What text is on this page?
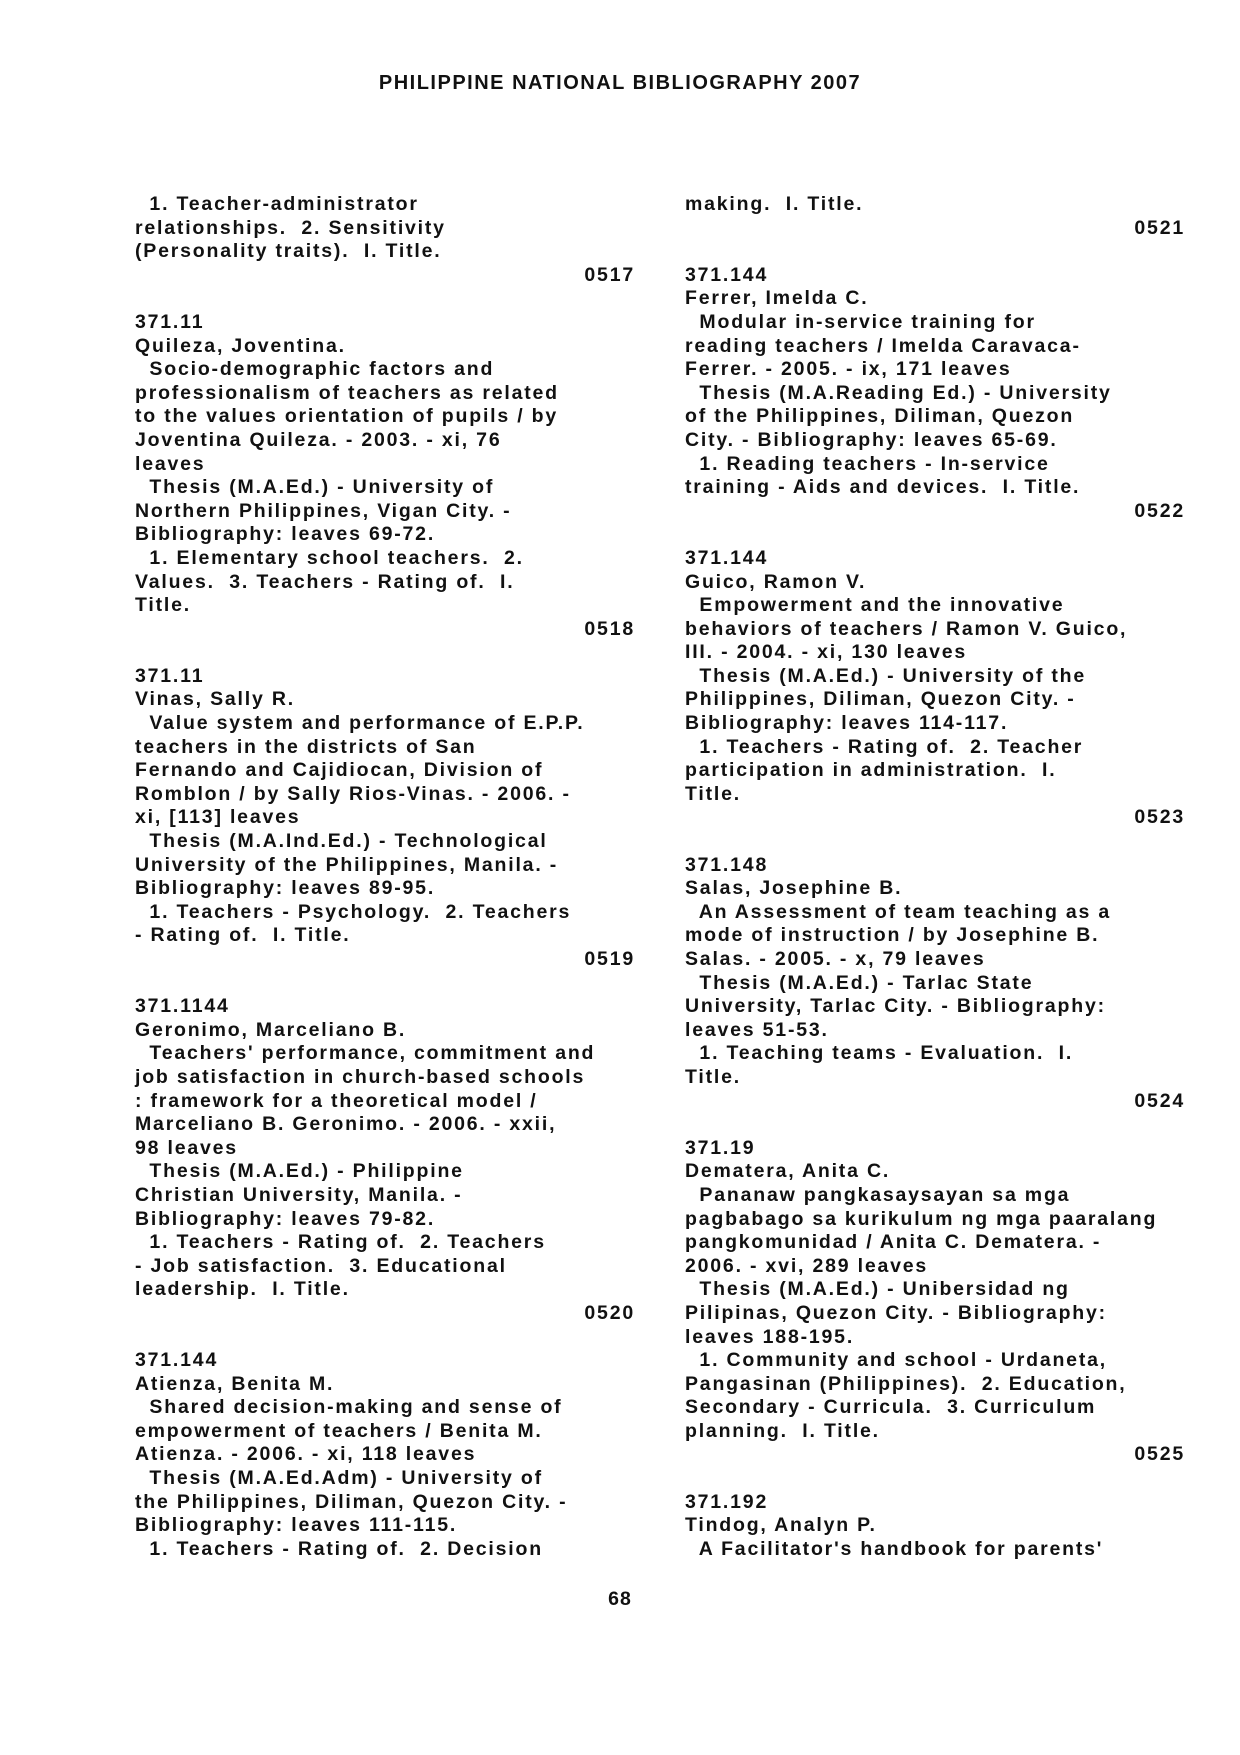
PHILIPPINE NATIONAL BIBLIOGRAPHY 2007
1. Teacher-administrator
relationships.  2. Sensitivity
(Personality traits).  I. Title.
0517

371.11
Quileza, Joventina.
Socio-demographic factors and
professionalism of teachers as related
to the values orientation of pupils / by
Joventina Quileza. - 2003. - xi, 76
leaves
Thesis (M.A.Ed.) - University of
Northern Philippines, Vigan City. -
Bibliography: leaves 69-72.
1. Elementary school teachers.  2.
Values.  3. Teachers - Rating of.  I.
Title.
0518

371.11
Vinas, Sally R.
Value system and performance of E.P.P.
teachers in the districts of San
Fernando and Cajidiocan, Division of
Romblon / by Sally Rios-Vinas. - 2006. -
xi, [113] leaves
Thesis (M.A.Ind.Ed.) - Technological
University of the Philippines, Manila. -
Bibliography: leaves 89-95.
1. Teachers - Psychology.  2. Teachers
- Rating of.  I. Title.
0519

371.1144
Geronimo, Marceliano B.
Teachers' performance, commitment and
job satisfaction in church-based schools
: framework for a theoretical model /
Marceliano B. Geronimo. - 2006. - xxii,
98 leaves
Thesis (M.A.Ed.) - Philippine
Christian University, Manila. -
Bibliography: leaves 79-82.
1. Teachers - Rating of.  2. Teachers
- Job satisfaction.  3. Educational
leadership.  I. Title.
0520

371.144
Atienza, Benita M.
Shared decision-making and sense of
empowerment of teachers / Benita M.
Atienza. - 2006. - xi, 118 leaves
Thesis (M.A.Ed.Adm) - University of
the Philippines, Diliman, Quezon City. -
Bibliography: leaves 111-115.
1. Teachers - Rating of.  2. Decision
making.  I. Title.
0521

371.144
Ferrer, Imelda C.
Modular in-service training for
reading teachers / Imelda Caravaca-
Ferrer. - 2005. - ix, 171 leaves
Thesis (M.A.Reading Ed.) - University
of the Philippines, Diliman, Quezon
City. - Bibliography: leaves 65-69.
1. Reading teachers - In-service
training - Aids and devices.  I. Title.
0522

371.144
Guico, Ramon V.
Empowerment and the innovative
behaviors of teachers / Ramon V. Guico,
III. - 2004. - xi, 130 leaves
Thesis (M.A.Ed.) - University of the
Philippines, Diliman, Quezon City. -
Bibliography: leaves 114-117.
1. Teachers - Rating of.  2. Teacher
participation in administration.  I.
Title.
0523

371.148
Salas, Josephine B.
An Assessment of team teaching as a
mode of instruction / by Josephine B.
Salas. - 2005. - x, 79 leaves
Thesis (M.A.Ed.) - Tarlac State
University, Tarlac City. - Bibliography:
leaves 51-53.
1. Teaching teams - Evaluation.  I.
Title.
0524

371.19
Dematera, Anita C.
Pananaw pangkasaysayan sa mga
pagbabago sa kurikulum ng mga paaralang
pangkomunidad / Anita C. Dematera. -
2006. - xvi, 289 leaves
Thesis (M.A.Ed.) - Unibersidad ng
Pilipinas, Quezon City. - Bibliography:
leaves 188-195.
1. Community and school - Urdaneta,
Pangasinan (Philippines).  2. Education,
Secondary - Curricula.  3. Curriculum
planning.  I. Title.
0525

371.192
Tindog, Analyn P.
A Facilitator's handbook for parents'
68
